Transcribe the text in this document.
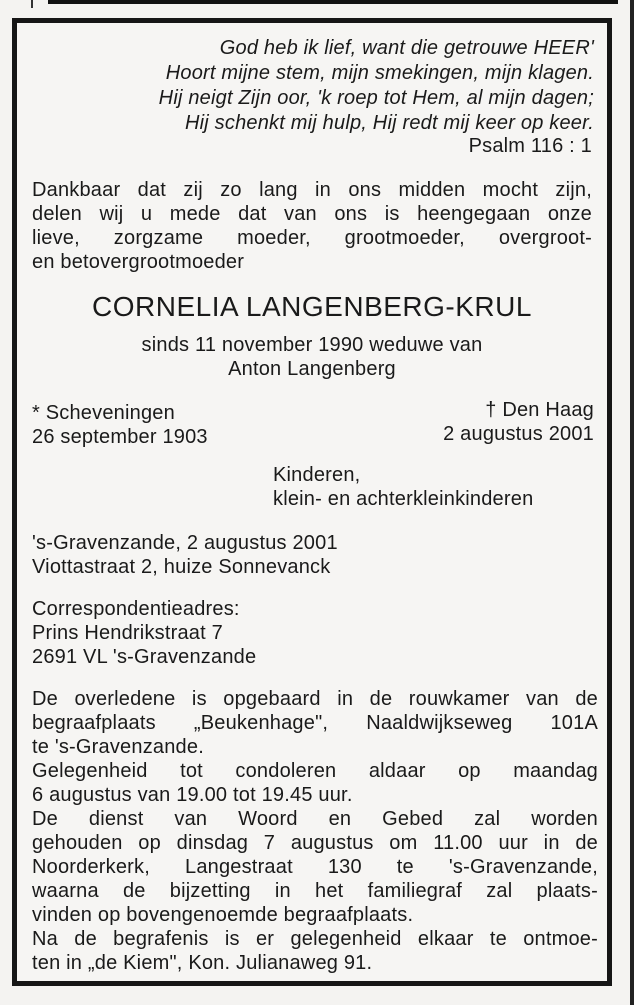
God heb ik lief, want die getrouwe HEER'
Hoort mijne stem, mijn smekingen, mijn klagen.
Hij neigt Zijn oor, 'k roep tot Hem, al mijn dagen;
Hij schenkt mij hulp, Hij redt mij keer op keer.
Psalm 116 : 1
Dankbaar dat zij zo lang in ons midden mocht zijn,
delen wij u mede dat van ons is heengegaan onze
lieve, zorgzame moeder, grootmoeder, overgroot-
en betovergrootmoeder
CORNELIA LANGENBERG-KRUL
sinds 11 november 1990 weduwe van
Anton Langenberg
* Scheveningen
26 september 1903
† Den Haag
2 augustus 2001
Kinderen,
klein- en achterkleinkinderen
's-Gravenzande, 2 augustus 2001
Viottastraat 2, huize Sonnevanck
Correspondentieadres:
Prins Hendrikstraat 7
2691 VL 's-Gravenzande
De overledene is opgebaard in de rouwkamer van de
begraafplaats „Beukenhage", Naaldwijkseweg 101A
te 's-Gravenzande.
Gelegenheid tot condoleren aldaar op maandag
6 augustus van 19.00 tot 19.45 uur.
De dienst van Woord en Gebed zal worden
gehouden op dinsdag 7 augustus om 11.00 uur in de
Noorderkerk, Langestraat 130 te 's-Gravenzande,
waarna de bijzetting in het familiegraf zal plaats-
vinden op bovengenoemde begraafplaats.
Na de begrafenis is er gelegenheid elkaar te ontmoe-
ten in „de Kiem", Kon. Julianaweg 91.
